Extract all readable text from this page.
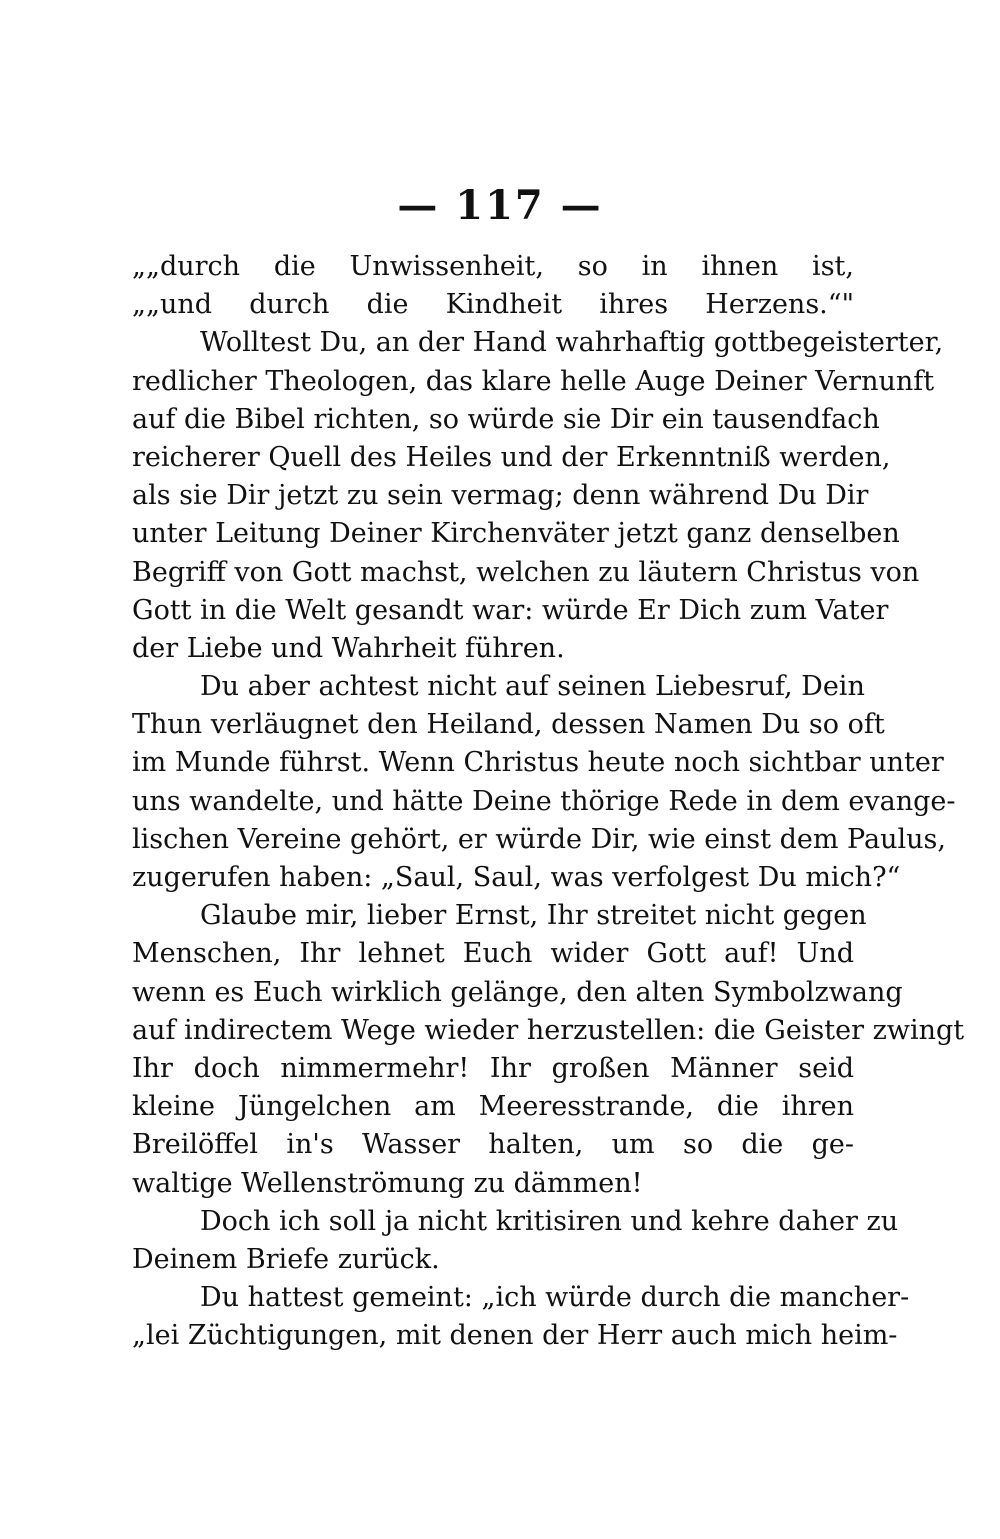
— 117 —
„„durch die Unwissenheit, so in ihnen ist,
„„und durch die Kindheit ihres Herzens.“"
Wolltest Du, an der Hand wahrhaftig gottbegeisterter,
redlicher Theologen, das klare helle Auge Deiner Vernunft
auf die Bibel richten, so würde sie Dir ein tausendfach
reicherer Quell des Heiles und der Erkenntniß werden,
als sie Dir jetzt zu sein vermag; denn während Du Dir
unter Leitung Deiner Kirchenväter jetzt ganz denselben
Begriff von Gott machst, welchen zu läutern Christus von
Gott in die Welt gesandt war: würde Er Dich zum Vater
der Liebe und Wahrheit führen.
Du aber achtest nicht auf seinen Liebesruf, Dein
Thun verläugnet den Heiland, dessen Namen Du so oft
im Munde führst. Wenn Christus heute noch sichtbar unter
uns wandelte, und hätte Deine thörige Rede in dem evange-
lischen Vereine gehört, er würde Dir, wie einst dem Paulus,
zugerufen haben: „Saul, Saul, was verfolgest Du mich?“
Glaube mir, lieber Ernst, Ihr streitet nicht gegen
Menschen, Ihr lehnet Euch wider Gott auf! Und
wenn es Euch wirklich gelänge, den alten Symbolzwang
auf indirectem Wege wieder herzustellen: die Geister zwingt
Ihr doch nimmermehr! Ihr großen Männer seid
kleine Jüngelchen am Meeresstrande, die ihren
Breilöffel in's Wasser halten, um so die ge-
waltige Wellenströmung zu dämmen!
Doch ich soll ja nicht kritisiren und kehre daher zu
Deinem Briefe zurück.
Du hattest gemeint: „ich würde durch die mancher-
„lei Züchtigungen, mit denen der Herr auch mich heim-
